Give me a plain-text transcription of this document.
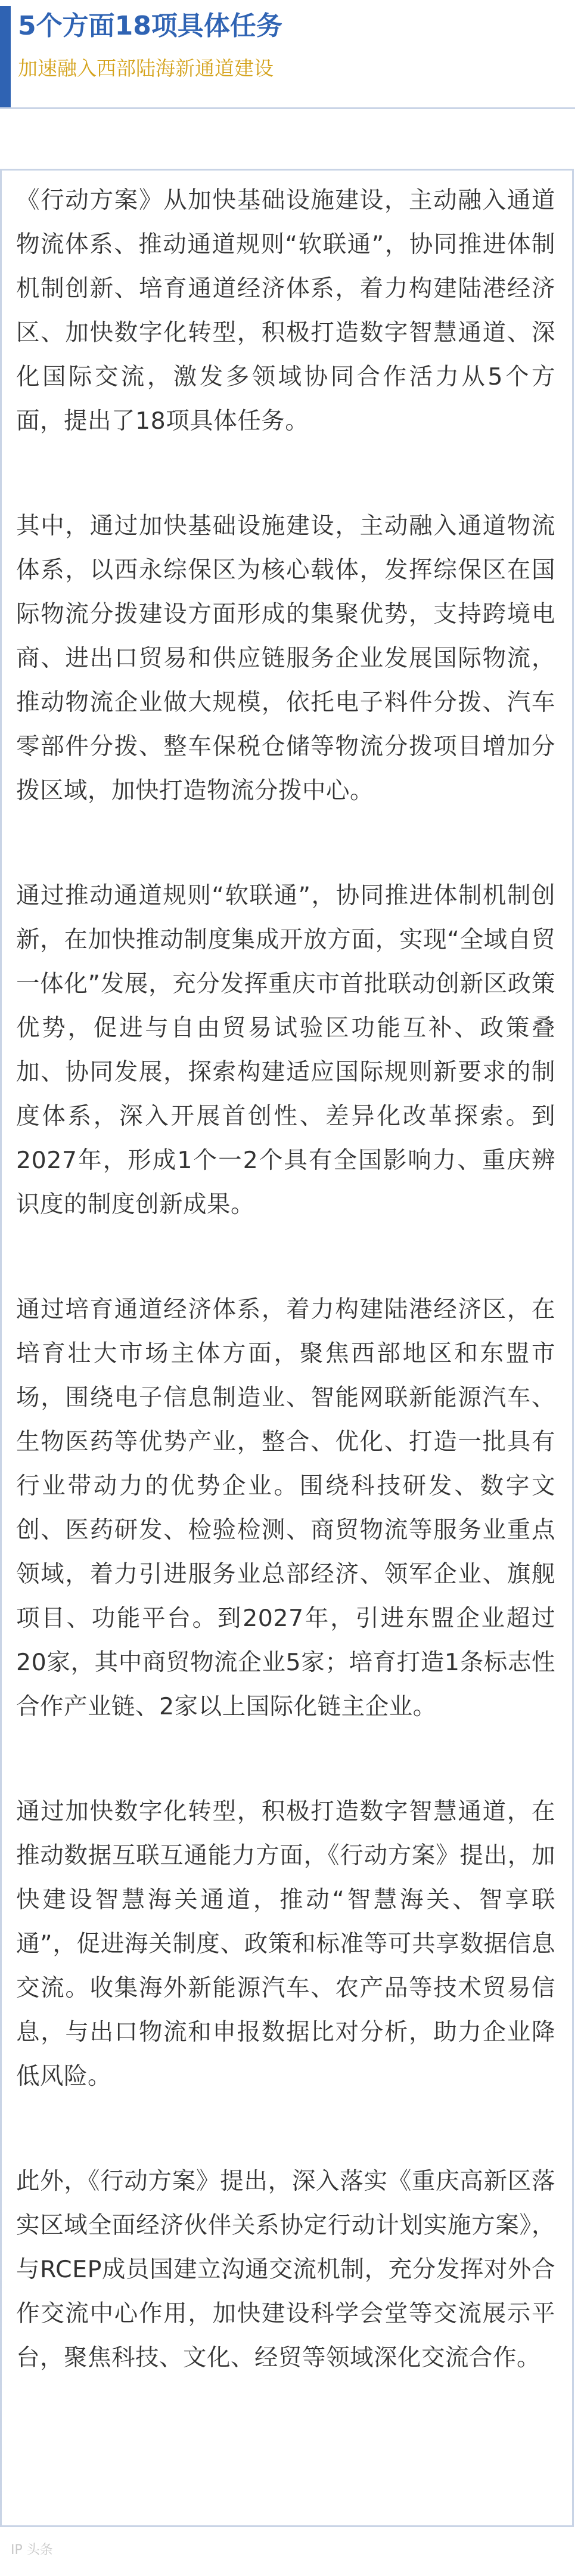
5个方面18项具体任务
加速融入西部陆海新通道建设

《行动方案》从加快基础设施建设，主动融入通道物流体系、推动通道规则“软联通”，协同推进体制机制创新、培育通道经济体系，着力构建陆港经济区、加快数字化转型，积极打造数字智慧通道、深化国际交流，激发多领域协同合作活力从5个方面，提出了18项具体任务。

其中，通过加快基础设施建设，主动融入通道物流体系，以西永综保区为核心载体，发挥综保区在国际物流分拨建设方面形成的集聚优势，支持跨境电商、进出口贸易和供应链服务企业发展国际物流，推动物流企业做大规模，依托电子料件分拨、汽车零部件分拨、整车保税仓储等物流分拨项目增加分拨区域，加快打造物流分拨中心。

通过推动通道规则“软联通”，协同推进体制机制创新，在加快推动制度集成开放方面，实现“全域自贸一体化”发展，充分发挥重庆市首批联动创新区政策优势，促进与自由贸易试验区功能互补、政策叠加、协同发展，探索构建适应国际规则新要求的制度体系，深入开展首创性、差异化改革探索。到2027年，形成1个一2个具有全国影响力、重庆辨识度的制度创新成果。

通过培育通道经济体系，着力构建陆港经济区，在培育壮大市场主体方面，聚焦西部地区和东盟市场，围绕电子信息制造业、智能网联新能源汽车、生物医药等优势产业，整合、优化、打造一批具有行业带动力的优势企业。围绕科技研发、数字文创、医药研发、检验检测、商贸物流等服务业重点领域，着力引进服务业总部经济、领军企业、旗舰项目、功能平台。到2027年，引进东盟企业超过20家，其中商贸物流企业5家；培育打造1条标志性合作产业链、2家以上国际化链主企业。

通过加快数字化转型，积极打造数字智慧通道，在推动数据互联互通能力方面，《行动方案》提出，加快建设智慧海关通道，推动“智慧海关、智享联通”，促进海关制度、政策和标准等可共享数据信息交流。收集海外新能源汽车、农产品等技术贸易信息，与出口物流和申报数据比对分析，助力企业降低风险。

此外，《行动方案》提出，深入落实《重庆高新区落实区域全面经济伙伴关系协定行动计划实施方案》，与RCEP成员国建立沟通交流机制，充分发挥对外合作交流中心作用，加快建设科学会堂等交流展示平台，聚焦科技、文化、经贸等领域深化交流合作。

IP 头条
